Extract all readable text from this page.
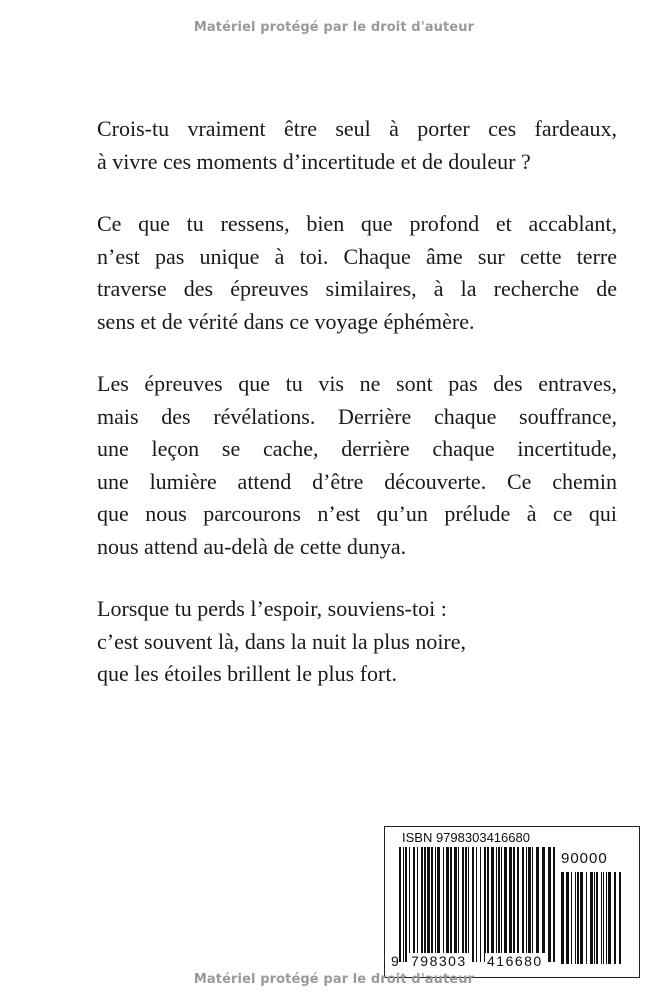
Matériel protégé par le droit d'auteur

Crois-tu vraiment être seul à porter ces fardeaux,
à vivre ces moments d’incertitude et de douleur ?

Ce que tu ressens, bien que profond et accablant,
n’est pas unique à toi. Chaque âme sur cette terre
traverse des épreuves similaires, à la recherche de
sens et de vérité dans ce voyage éphémère.

Les épreuves que tu vis ne sont pas des entraves,
mais des révélations. Derrière chaque souffrance,
une leçon se cache, derrière chaque incertitude,
une lumière attend d’être découverte. Ce chemin
que nous parcourons n’est qu’un prélude à ce qui
nous attend au-delà de cette dunya.

Lorsque tu perds l’espoir, souviens-toi :
c’est souvent là, dans la nuit la plus noire,
que les étoiles brillent le plus fort.

ISBN 9798303416680
90000
9 798303 416680
Matériel protégé par le droit d'auteur
